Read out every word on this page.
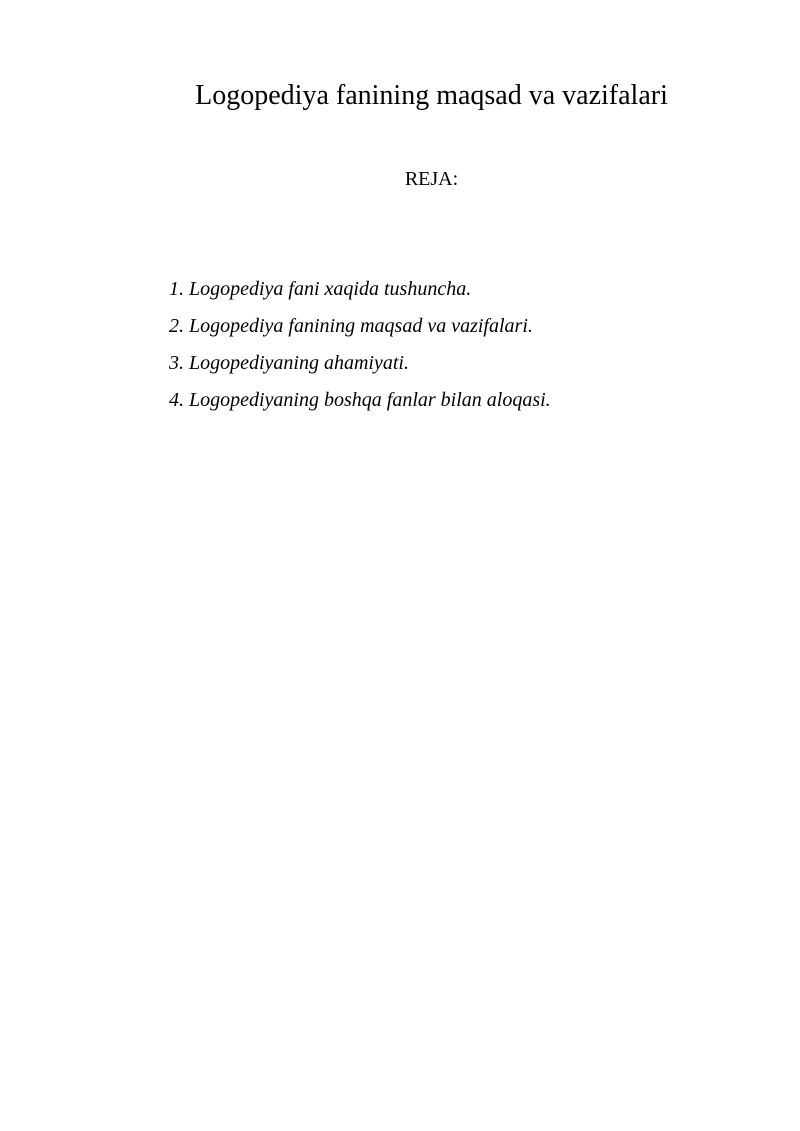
Logopediya fanining maqsad va vazifalari
REJA:
1. Logopediya fani xaqida tushuncha.
2. Logopediya fanining maqsad va vazifalari.
3. Logopediyaning ahamiyati.
4. Logopediyaning boshqa fanlar bilan aloqasi.
